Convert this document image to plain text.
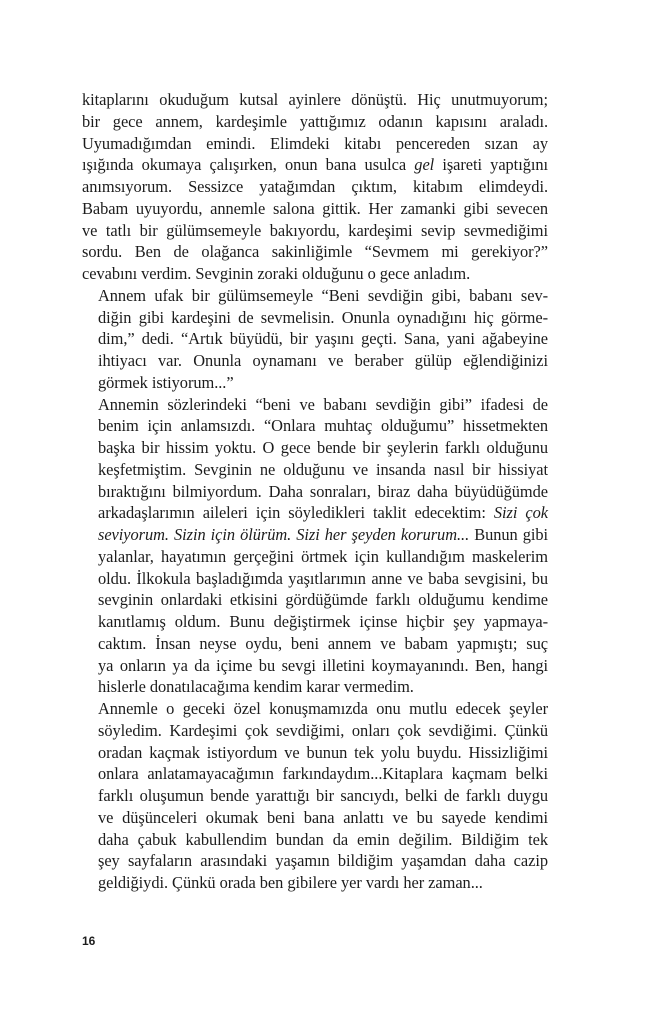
kitaplarını okuduğum kutsal ayinlere dönüştü. Hiç unutmuyorum;
bir gece annem, kardeşimle yattığımız odanın kapısını araladı.
Uyumadığımdan emindi. Elimdeki kitabı pencereden sızan ay
ışığında okumaya çalışırken, onun bana usulca gel işareti yaptığını
anımsıyorum. Sessizce yatağımdan çıktım, kitabım elimdeydi.
Babam uyuyordu, annemle salona gittik. Her zamanki gibi sevecen
ve tatlı bir gülümsemeyle bakıyordu, kardeşimi sevip sevmediğimi
sordu. Ben de olağanca sakinliğimle “Sevmem mi gerekiyor?”
cevabını verdim. Sevginin zoraki olduğunu o gece anladım.

Annem ufak bir gülümsemeyle “Beni sevdiğin gibi, babanı sev-
diğin gibi kardeşini de sevmelisin. Onunla oynadığını hiç görme-
dim,” dedi. “Artık büyüdü, bir yaşını geçti. Sana, yani ağabeyine
ihtiyacı var. Onunla oynamanı ve beraber gülüp eğlendiğinizi
görmek istiyorum...”

Annemin sözlerindeki “beni ve babanı sevdiğin gibi” ifadesi de
benim için anlamsızdı. “Onlara muhtaç olduğumu” hissetmekten
başka bir hissim yoktu. O gece bende bir şeylerin farklı olduğunu
keşfetmiştim. Sevginin ne olduğunu ve insanda nasıl bir hissiyat
bıraktığını bilmiyordum. Daha sonraları, biraz daha büyüdüğümde
arkadaşlarımın aileleri için söyledikleri taklit edecektim: Sizi çok
seviyorum. Sizin için ölürüm. Sizi her şeyden korurum... Bunun gibi
yalanlar, hayatımın gerçeğini örtmek için kullandığım maskelerim
oldu. İlkokula başladığımda yaşıtlarımın anne ve baba sevgisini, bu
sevginin onlardaki etkisini gördüğümde farklı olduğumu kendime
kanıtlamış oldum. Bunu değiştirmek içinse hiçbir şey yapmaya-
caktım. İnsan neyse oydu, beni annem ve babam yapmıştı; suç
ya onların ya da içime bu sevgi illetini koymayanındı. Ben, hangi
hislerle donatılacağıma kendim karar vermedim.

Annemle o geceki özel konuşmamızda onu mutlu edecek şeyler
söyledim. Kardeşimi çok sevdiğimi, onları çok sevdiğimi. Çünkü
oradan kaçmak istiyordum ve bunun tek yolu buydu. Hissizliğimi
onlara anlatamayacağımın farkındaydım...Kitaplara kaçmam belki
farklı oluşumun bende yarattığı bir sancıydı, belki de farklı duygu
ve düşünceleri okumak beni bana anlattı ve bu sayede kendimi
daha çabuk kabullendim bundan da emin değilim. Bildiğim tek
şey sayfaların arasındaki yaşamın bildiğim yaşamdan daha cazip
geldiğiydi. Çünkü orada ben gibilere yer vardı her zaman...

16
